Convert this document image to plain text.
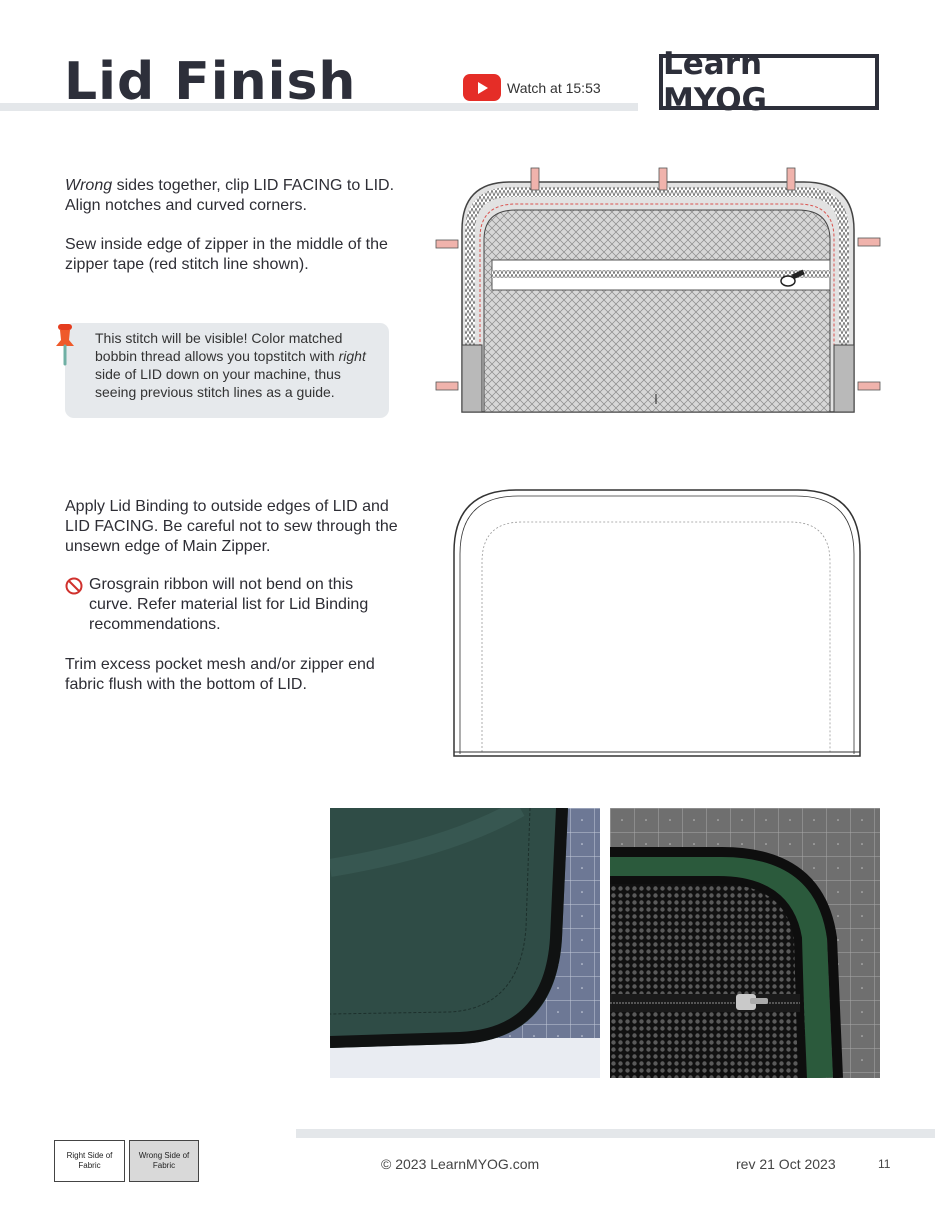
Lid Finish	Watch at 15:53
Learn MYOG

Wrong sides together, clip LID FACING to LID. Align notches and curved corners.

Sew inside edge of zipper in the middle of the zipper tape (red stitch line shown).

This stitch will be visible! Color matched bobbin thread allows you topstitch with right side of LID down on your machine, thus seeing previous stitch lines as a guide.

Apply Lid Binding to outside edges of LID and LID FACING. Be careful not to sew through the unsewn edge of Main Zipper.

Grosgrain ribbon will not bend on this curve. Refer material list for Lid Binding recommendations.

Trim excess pocket mesh and/or zipper end fabric flush with the bottom of LID.

Right Side of Fabric
Wrong Side of Fabric	© 2023 LearnMYOG.com	rev 21 Oct 2023	11
